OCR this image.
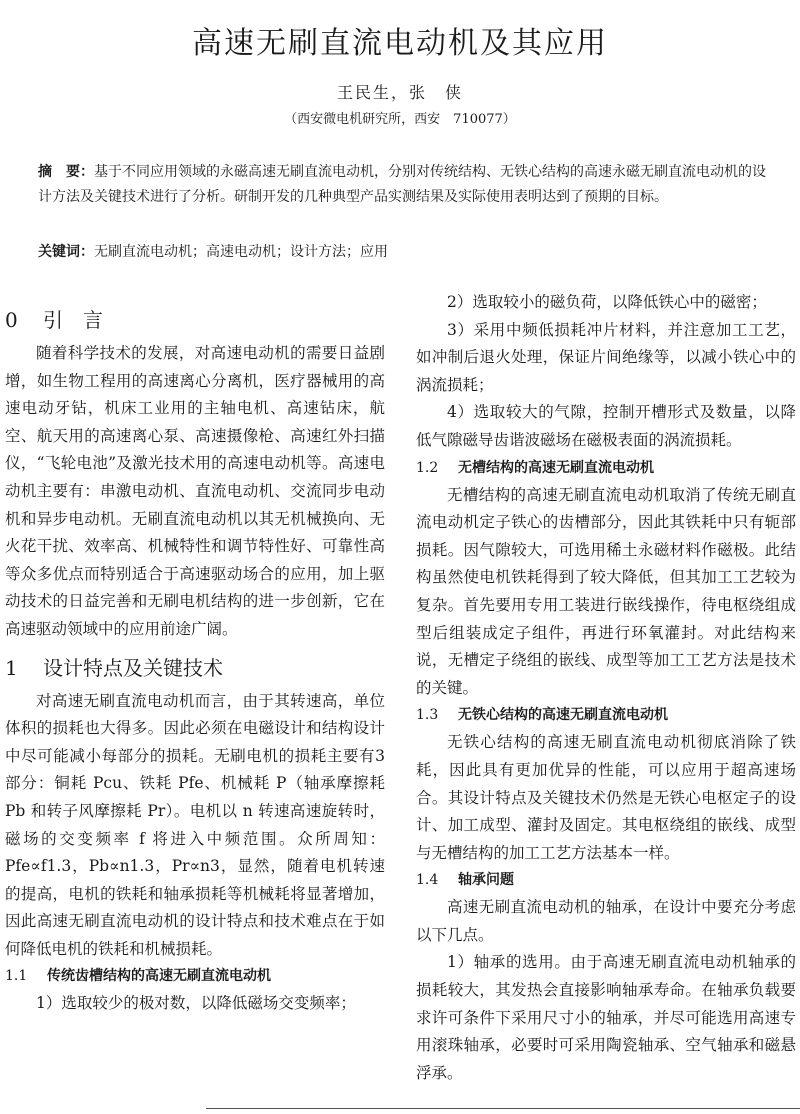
高速无刷直流电动机及其应用
王民生，张　侠
（西安微电机研究所，西安　710077）
摘　要：基于不同应用领域的永磁高速无刷直流电动机，分别对传统结构、无铁心结构的高速永磁无刷直流电动机的设计方法及关键技术进行了分析。研制开发的几种典型产品实测结果及实际使用表明达到了预期的目标。
关键词：无刷直流电动机；高速电动机；设计方法；应用
0 引　言

随着科学技术的发展，对高速电动机的需要日益剧增，如生物工程用的高速离心分离机，医疗器械用的高速电动牙钻，机床工业用的主轴电机、高速钻床，航空、航天用的高速离心泵、高速摄像枪、高速红外扫描仪，“飞轮电池”及激光技术用的高速电动机等。高速电动机主要有：串激电动机、直流电动机、交流同步电动机和异步电动机。无刷直流电动机以其无机械换向、无火花干扰、效率高、机械特性和调节特性好、可靠性高等众多优点而特别适合于高速驱动场合的应用，加上驱动技术的日益完善和无刷电机结构的进一步创新，它在高速驱动领域中的应用前途广阔。

1 设计特点及关键技术

对高速无刷直流电动机而言，由于其转速高，单位体积的损耗也大得多。因此必须在电磁设计和结构设计中尽可能减小每部分的损耗。无刷电机的损耗主要有3部分：铜耗 Pcu、铁耗 Pfe、机械耗 P（轴承摩擦耗 Pb 和转子风摩擦耗 Pr）。电机以 n 转速高速旋转时，磁场的交变频率 f 将进入中频范围。众所周知：Pfe∝f1.3，Pb∝n1.3，Pr∝n3，显然，随着电机转速的提高，电机的铁耗和轴承损耗等机械耗将显著增加，因此高速无刷直流电动机的设计特点和技术难点在于如何降低电机的铁耗和机械损耗。

1.1 传统齿槽结构的高速无刷直流电动机

1）选取较少的极对数，以降低磁场交变频率；

2）选取较小的磁负荷，以降低铁心中的磁密；

3）采用中频低损耗冲片材料，并注意加工工艺，如冲制后退火处理，保证片间绝缘等，以减小铁心中的涡流损耗；

4）选取较大的气隙，控制开槽形式及数量，以降低气隙磁导齿谐波磁场在磁极表面的涡流损耗。

1.2 无槽结构的高速无刷直流电动机

无槽结构的高速无刷直流电动机取消了传统无刷直流电动机定子铁心的齿槽部分，因此其铁耗中只有轭部损耗。因气隙较大，可选用稀土永磁材料作磁极。此结构虽然使电机铁耗得到了较大降低，但其加工工艺较为复杂。首先要用专用工装进行嵌线操作，待电枢绕组成型后组装成定子组件，再进行环氧灌封。对此结构来说，无槽定子绕组的嵌线、成型等加工工艺方法是技术的关键。

1.3 无铁心结构的高速无刷直流电动机

无铁心结构的高速无刷直流电动机彻底消除了铁耗，因此具有更加优异的性能，可以应用于超高速场合。其设计特点及关键技术仍然是无铁心电枢定子的设计、加工成型、灌封及固定。其电枢绕组的嵌线、成型与无槽结构的加工工艺方法基本一样。

1.4 轴承问题

高速无刷直流电动机的轴承，在设计中要充分考虑以下几点。

1）轴承的选用。由于高速无刷直流电动机轴承的损耗较大，其发热会直接影响轴承寿命。在轴承负载要求许可条件下采用尺寸小的轴承，并尽可能选用高速专用滚珠轴承，必要时可采用陶瓷轴承、空气轴承和磁悬浮承。
